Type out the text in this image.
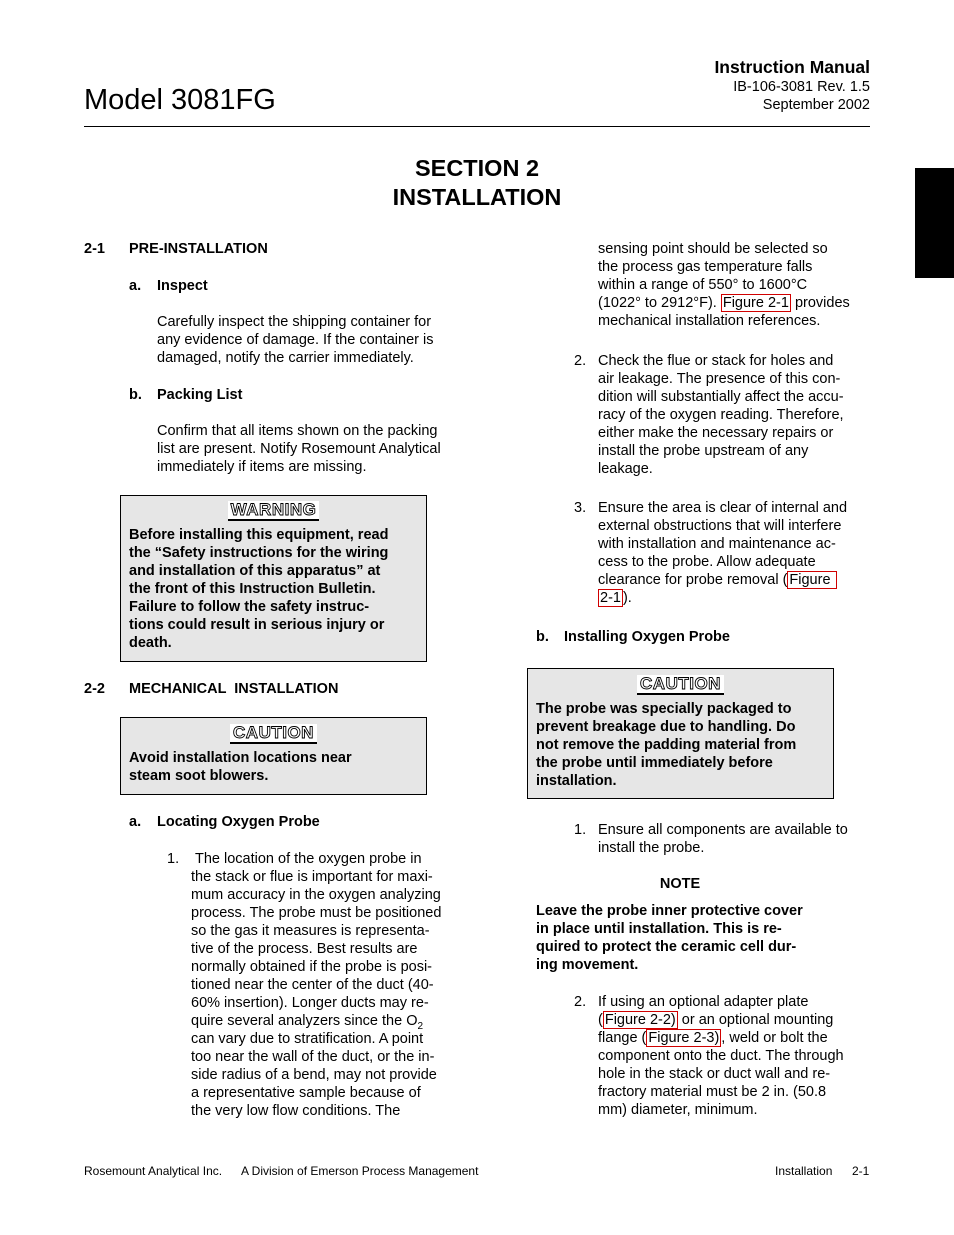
Model 3081FG
Instruction Manual
IB-106-3081 Rev. 1.5
September 2002
SECTION 2
INSTALLATION
2-1 PRE-INSTALLATION
a. Inspect
Carefully inspect the shipping container for
any evidence of damage. If the container is
damaged, notify the carrier immediately.
b. Packing List
Confirm that all items shown on the packing
list are present. Notify Rosemount Analytical
immediately if items are missing.
WARNING
Before installing this equipment, read
the “Safety instructions for the wiring
and installation of this apparatus” at
the front of this Instruction Bulletin.
Failure to follow the safety instruc-
tions could result in serious injury or
death.
2-2 MECHANICAL  INSTALLATION
CAUTION
Avoid installation locations near
steam soot blowers.
a. Locating Oxygen Probe
1. The location of the oxygen probe in
the stack or flue is important for maxi-
mum accuracy in the oxygen analyzing
process. The probe must be positioned
so the gas it measures is representa-
tive of the process. Best results are
normally obtained if the probe is posi-
tioned near the center of the duct (40-
60% insertion). Longer ducts may re-
quire several analyzers since the $O_2$
can vary due to stratification. A point
too near the wall of the duct, or the in-
side radius of a bend, may not provide
a representative sample because of
the very low flow conditions. The
sensing point should be selected so
the process gas temperature falls
within a range of 550° to 1600°C
(1022° to 2912°F). Figure 2-1 provides
mechanical installation references.
2. Check the flue or stack for holes and
air leakage. The presence of this con-
dition will substantially affect the accu-
racy of the oxygen reading. Therefore,
either make the necessary repairs or
install the probe upstream of any
leakage.
3. Ensure the area is clear of internal and
external obstructions that will interfere
with installation and maintenance ac-
cess to the probe. Allow adequate
clearance for probe removal ( Figure
2-1 ).
b. Installing Oxygen Probe
CAUTION
The probe was specially packaged to
prevent breakage due to handling. Do
not remove the padding material from
the probe until immediately before
installation.
1. Ensure all components are available to
install the probe.
NOTE
Leave the probe inner protective cover
in place until installation. This is re-
quired to protect the ceramic cell dur-
ing movement.
2. If using an optional adapter plate
( Figure 2-2) or an optional mounting
flange ( Figure 2-3) , weld or bolt the
component onto the duct. The through
hole in the stack or duct wall and re-
fractory material must be 2 in. (50.8
mm) diameter, minimum.
Rosemount Analytical Inc. A Division of Emerson Process Management	Installation 2-1
